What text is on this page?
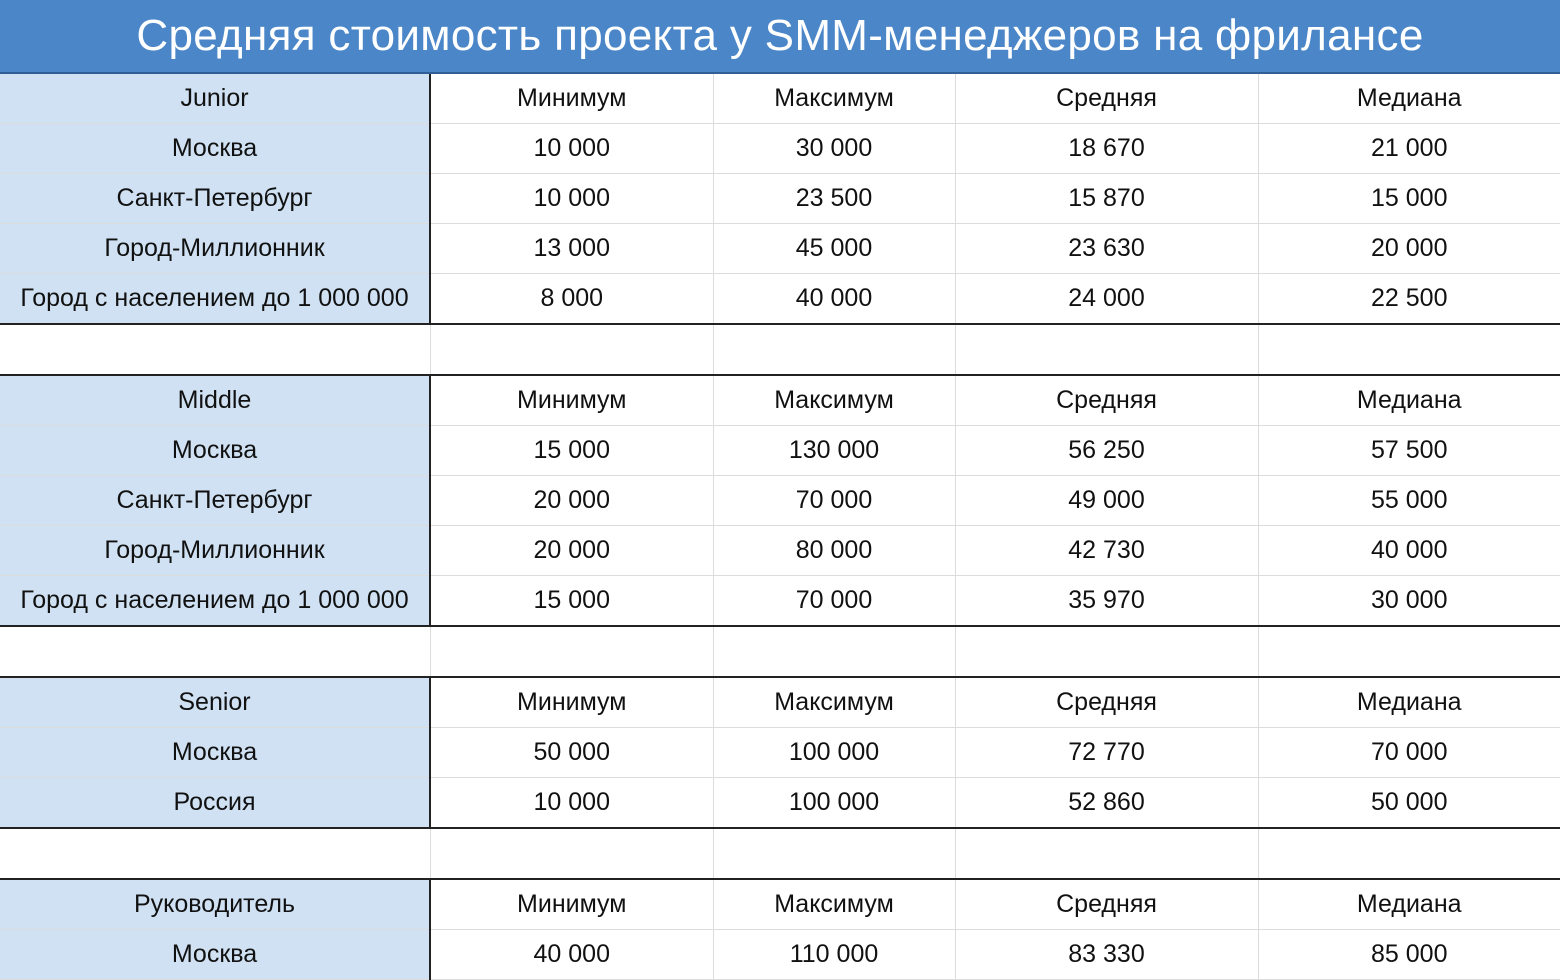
Средняя стоимость проекта у SMM-менеджеров на фрилансе
Junior	Минимум	Максимум	Средняя	Медиана
Москва	10 000	30 000	18 670	21 000
Санкт-Петербург	10 000	23 500	15 870	15 000
Город-Миллионник	13 000	45 000	23 630	20 000
Город с населением до 1 000 000	8 000	40 000	24 000	22 500

Middle	Минимум	Максимум	Средняя	Медиана
Москва	15 000	130 000	56 250	57 500
Санкт-Петербург	20 000	70 000	49 000	55 000
Город-Миллионник	20 000	80 000	42 730	40 000
Город с населением до 1 000 000	15 000	70 000	35 970	30 000

Senior	Минимум	Максимум	Средняя	Медиана
Москва	50 000	100 000	72 770	70 000
Россия	10 000	100 000	52 860	50 000

Руководитель	Минимум	Максимум	Средняя	Медиана
Москва	40 000	110 000	83 330	85 000
